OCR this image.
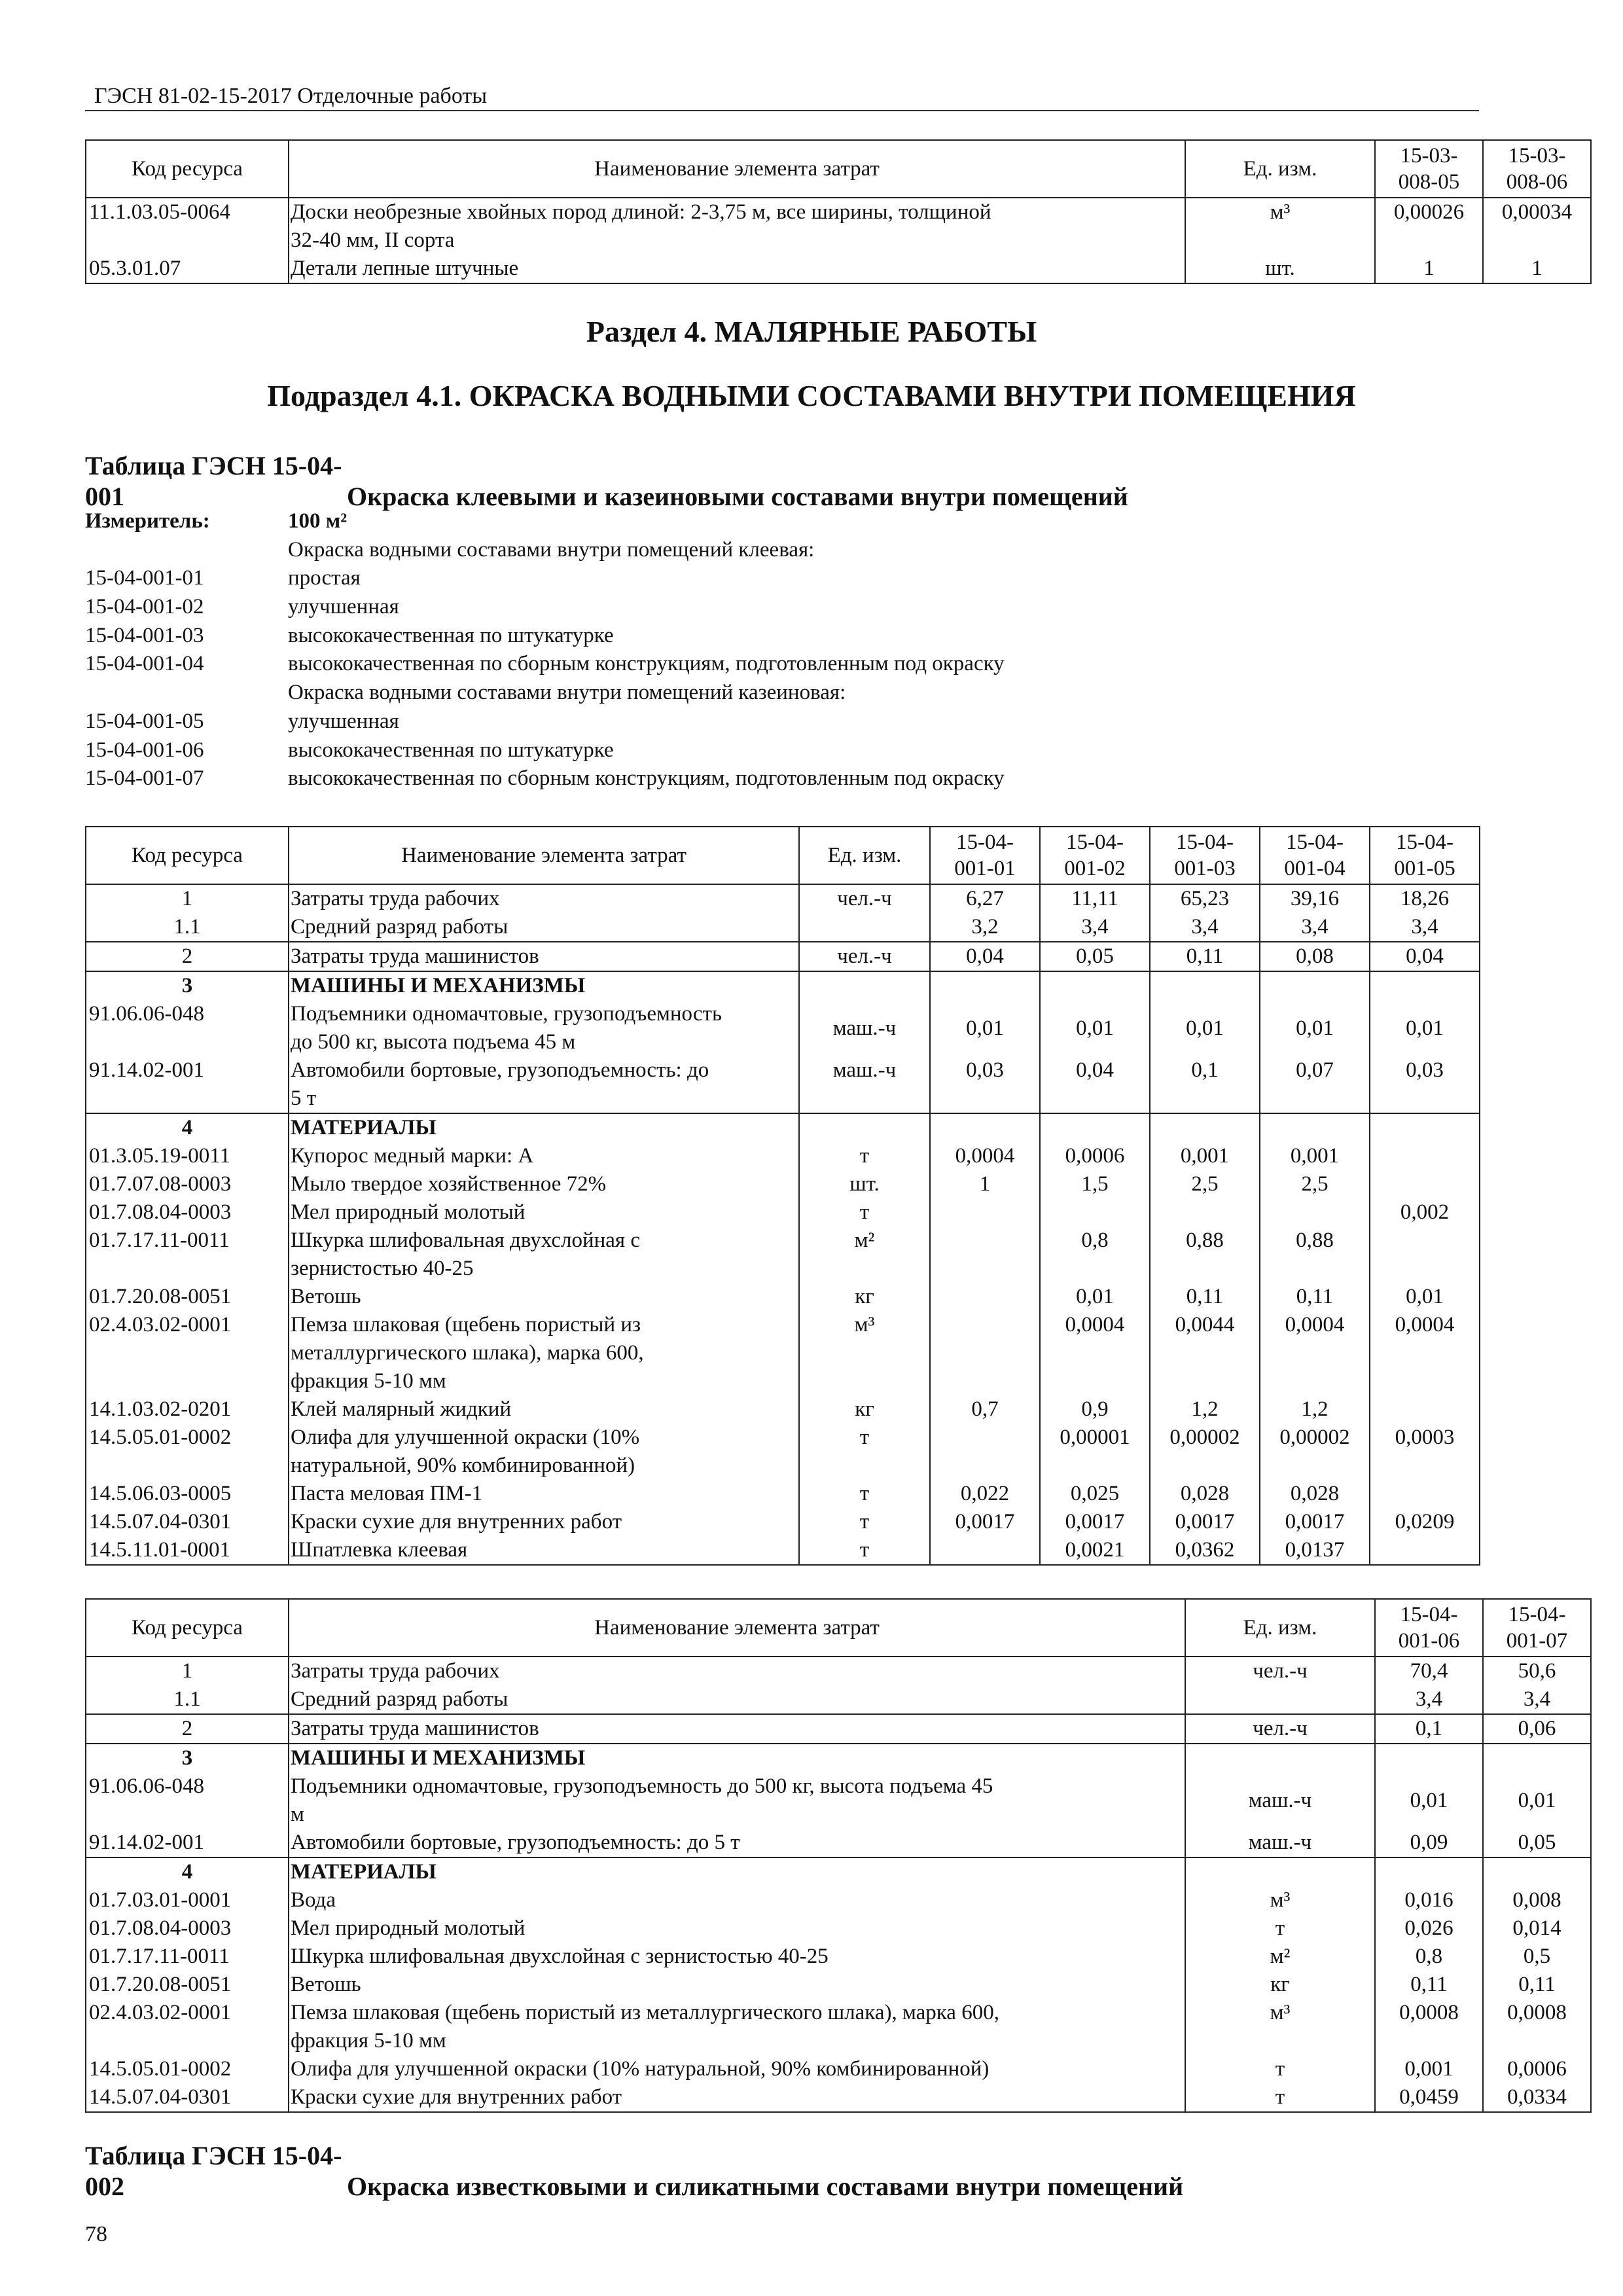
ГЭСН 81-02-15-2017 Отделочные работы
Код ресурса	Наименование элемента затрат	Ед. изм.	15-03-
008-05	15-03-
008-06
11.1.03.05-0064	Доски необрезные хвойных пород длиной: 2-3,75 м, все ширины, толщиной
32-40 мм, II сорта	м³	0,00026	0,00034
05.3.01.07	Детали лепные штучные	шт.	1	1
Раздел 4. МАЛЯРНЫЕ РАБОТЫ
Подраздел 4.1. ОКРАСКА ВОДНЫМИ СОСТАВАМИ ВНУТРИ ПОМЕЩЕНИЯ
Таблица ГЭСН 15-04-001	Окраска клеевыми и казеиновыми составами внутри помещений
Измеритель:	100 м²
Окраска водными составами внутри помещений клеевая:
15-04-001-01	простая
15-04-001-02	улучшенная
15-04-001-03	высококачественная по штукатурке
15-04-001-04	высококачественная по сборным конструкциям, подготовленным под окраску
Окраска водными составами внутри помещений казеиновая:
15-04-001-05	улучшенная
15-04-001-06	высококачественная по штукатурке
15-04-001-07	высококачественная по сборным конструкциям, подготовленным под окраску
Код ресурса	Наименование элемента затрат	Ед. изм.	15-04-
001-01	15-04-
001-02	15-04-
001-03	15-04-
001-04	15-04-
001-05
1	Затраты труда рабочих	чел.-ч	6,27	11,11	65,23	39,16	18,26
1.1	Средний разряд работы		3,2	3,4	3,4	3,4	3,4
2	Затраты труда машинистов	чел.-ч	0,04	0,05	0,11	0,08	0,04
3	МАШИНЫ И МЕХАНИЗМЫ						
91.06.06-048	Подъемники одномачтовые, грузоподъемность
до 500 кг, высота подъема 45 м	маш.-ч	0,01	0,01	0,01	0,01	0,01
91.14.02-001	Автомобили бортовые, грузоподъемность: до
5 т	маш.-ч	0,03	0,04	0,1	0,07	0,03
4	МАТЕРИАЛЫ						
01.3.05.19-0011	Купорос медный марки: А	т	0,0004	0,0006	0,001	0,001	
01.7.07.08-0003	Мыло твердое хозяйственное 72%	шт.	1	1,5	2,5	2,5	
01.7.08.04-0003	Мел природный молотый	т					0,002
01.7.17.11-0011	Шкурка шлифовальная двухслойная с
зернистостью 40-25	м²		0,8	0,88	0,88	
01.7.20.08-0051	Ветошь	кг		0,01	0,11	0,11	0,01
02.4.03.02-0001	Пемза шлаковая (щебень пористый из
металлургического шлака), марка 600,
фракция 5-10 мм	м³		0,0004	0,0044	0,0004	0,0004
14.1.03.02-0201	Клей малярный жидкий	кг	0,7	0,9	1,2	1,2	
14.5.05.01-0002	Олифа для улучшенной окраски (10%
натуральной, 90% комбинированной)	т		0,00001	0,00002	0,00002	0,0003
14.5.06.03-0005	Паста меловая ПМ-1	т	0,022	0,025	0,028	0,028	
14.5.07.04-0301	Краски сухие для внутренних работ	т	0,0017	0,0017	0,0017	0,0017	0,0209
14.5.11.01-0001	Шпатлевка клеевая	т		0,0021	0,0362	0,0137	
Код ресурса	Наименование элемента затрат	Ед. изм.	15-04-
001-06	15-04-
001-07
1	Затраты труда рабочих	чел.-ч	70,4	50,6
1.1	Средний разряд работы		3,4	3,4
2	Затраты труда машинистов	чел.-ч	0,1	0,06
3	МАШИНЫ И МЕХАНИЗМЫ			
91.06.06-048	Подъемники одномачтовые, грузоподъемность до 500 кг, высота подъема 45
м	маш.-ч	0,01	0,01
91.14.02-001	Автомобили бортовые, грузоподъемность: до 5 т	маш.-ч	0,09	0,05
4	МАТЕРИАЛЫ			
01.7.03.01-0001	Вода	м³	0,016	0,008
01.7.08.04-0003	Мел природный молотый	т	0,026	0,014
01.7.17.11-0011	Шкурка шлифовальная двухслойная с зернистостью 40-25	м²	0,8	0,5
01.7.20.08-0051	Ветошь	кг	0,11	0,11
02.4.03.02-0001	Пемза шлаковая (щебень пористый из металлургического шлака), марка 600,
фракция 5-10 мм	м³	0,0008	0,0008
14.5.05.01-0002	Олифа для улучшенной окраски (10% натуральной, 90% комбинированной)	т	0,001	0,0006
14.5.07.04-0301	Краски сухие для внутренних работ	т	0,0459	0,0334
Таблица ГЭСН 15-04-002	Окраска известковыми и силикатными составами внутри помещений
78
